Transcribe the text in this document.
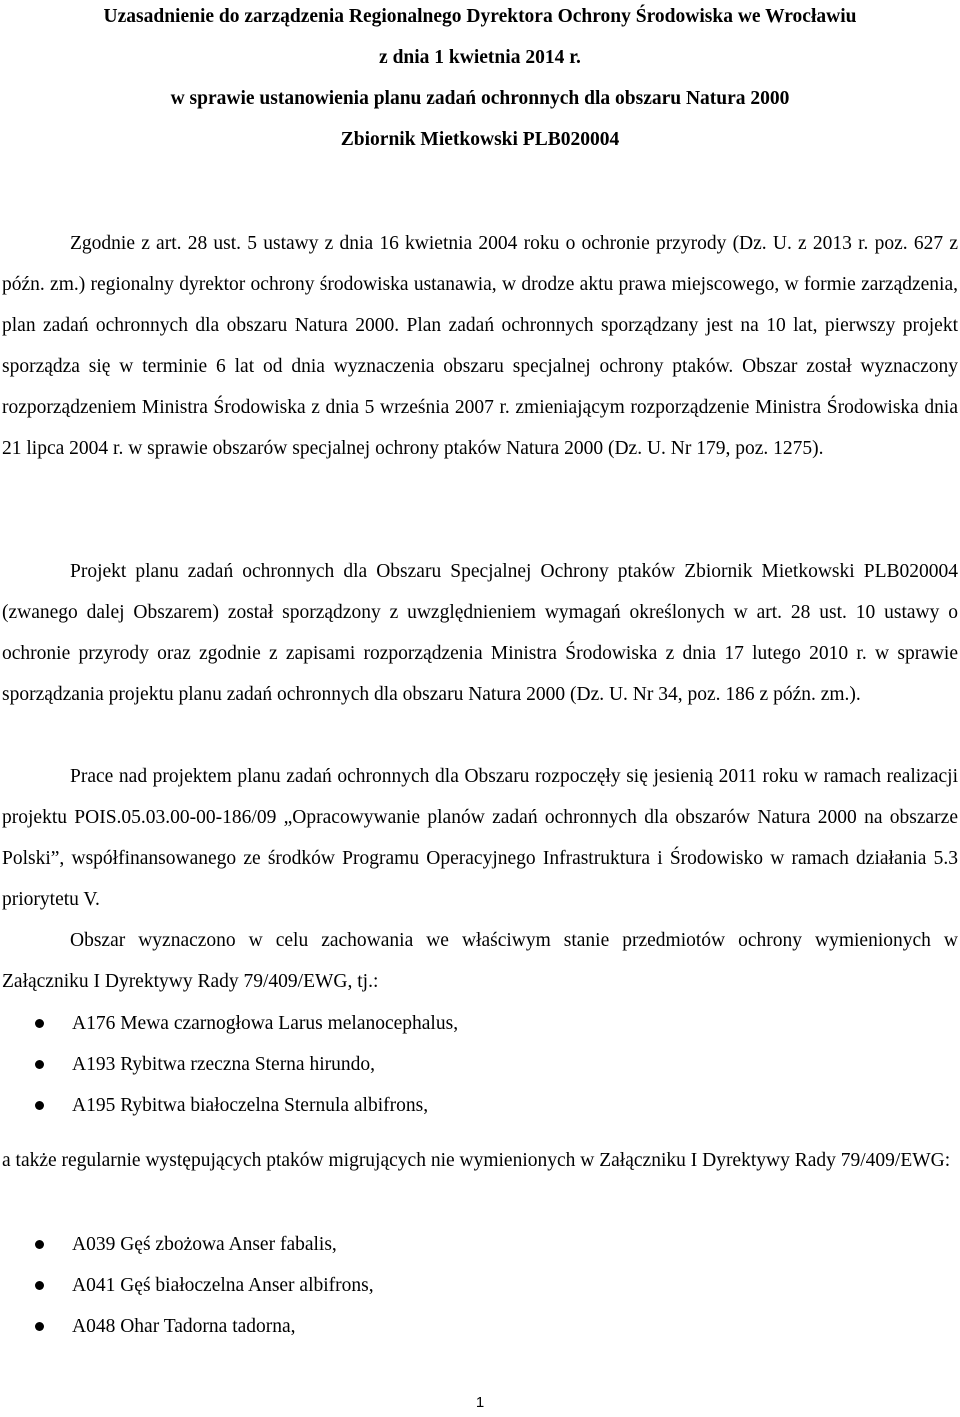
Uzasadnienie do zarządzenia Regionalnego Dyrektora Ochrony Środowiska we Wrocławiu
z dnia 1 kwietnia 2014 r.
w sprawie ustanowienia planu zadań ochronnych dla obszaru Natura 2000
Zbiornik Mietkowski PLB020004

Zgodnie z art. 28 ust. 5 ustawy z dnia 16 kwietnia 2004 roku o ochronie przyrody (Dz. U. z 2013 r. poz. 627 z późn. zm.) regionalny dyrektor ochrony środowiska ustanawia, w drodze aktu prawa miejscowego, w formie zarządzenia, plan zadań ochronnych dla obszaru Natura 2000. Plan zadań ochronnych sporządzany jest na 10 lat, pierwszy projekt sporządza się w terminie 6 lat od dnia wyznaczenia obszaru specjalnej ochrony ptaków. Obszar został wyznaczony rozporządzeniem Ministra Środowiska z dnia 5 września 2007 r. zmieniającym rozporządzenie Ministra Środowiska dnia 21 lipca 2004 r. w sprawie obszarów specjalnej ochrony ptaków Natura 2000 (Dz. U. Nr 179, poz. 1275).

Projekt planu zadań ochronnych dla Obszaru Specjalnej Ochrony ptaków Zbiornik Mietkowski PLB020004 (zwanego dalej Obszarem) został sporządzony z uwzględnieniem wymagań określonych w art. 28 ust. 10 ustawy o ochronie przyrody oraz zgodnie z zapisami rozporządzenia Ministra Środowiska z dnia 17 lutego 2010 r. w sprawie sporządzania projektu planu zadań ochronnych dla obszaru Natura 2000 (Dz. U. Nr 34, poz. 186 z późn. zm.).

Prace nad projektem planu zadań ochronnych dla Obszaru rozpoczęły się jesienią 2011 roku w ramach realizacji projektu POIS.05.03.00-00-186/09 „Opracowywanie planów zadań ochronnych dla obszarów Natura 2000 na obszarze Polski”, współfinansowanego ze środków Programu Operacyjnego Infrastruktura i Środowisko w ramach działania 5.3 priorytetu V.

Obszar wyznaczono w celu zachowania we właściwym stanie przedmiotów ochrony wymienionych w Załączniku I Dyrektywy Rady 79/409/EWG, tj.:

A176 Mewa czarnogłowa Larus melanocephalus,
A193 Rybitwa rzeczna Sterna hirundo,
A195 Rybitwa białoczelna Sternula albifrons,

a także regularnie występujących ptaków migrujących nie wymienionych w Załączniku I Dyrektywy Rady 79/409/EWG:

A039 Gęś zbożowa Anser fabalis,
A041 Gęś białoczelna Anser albifrons,
A048 Ohar Tadorna tadorna,
1
